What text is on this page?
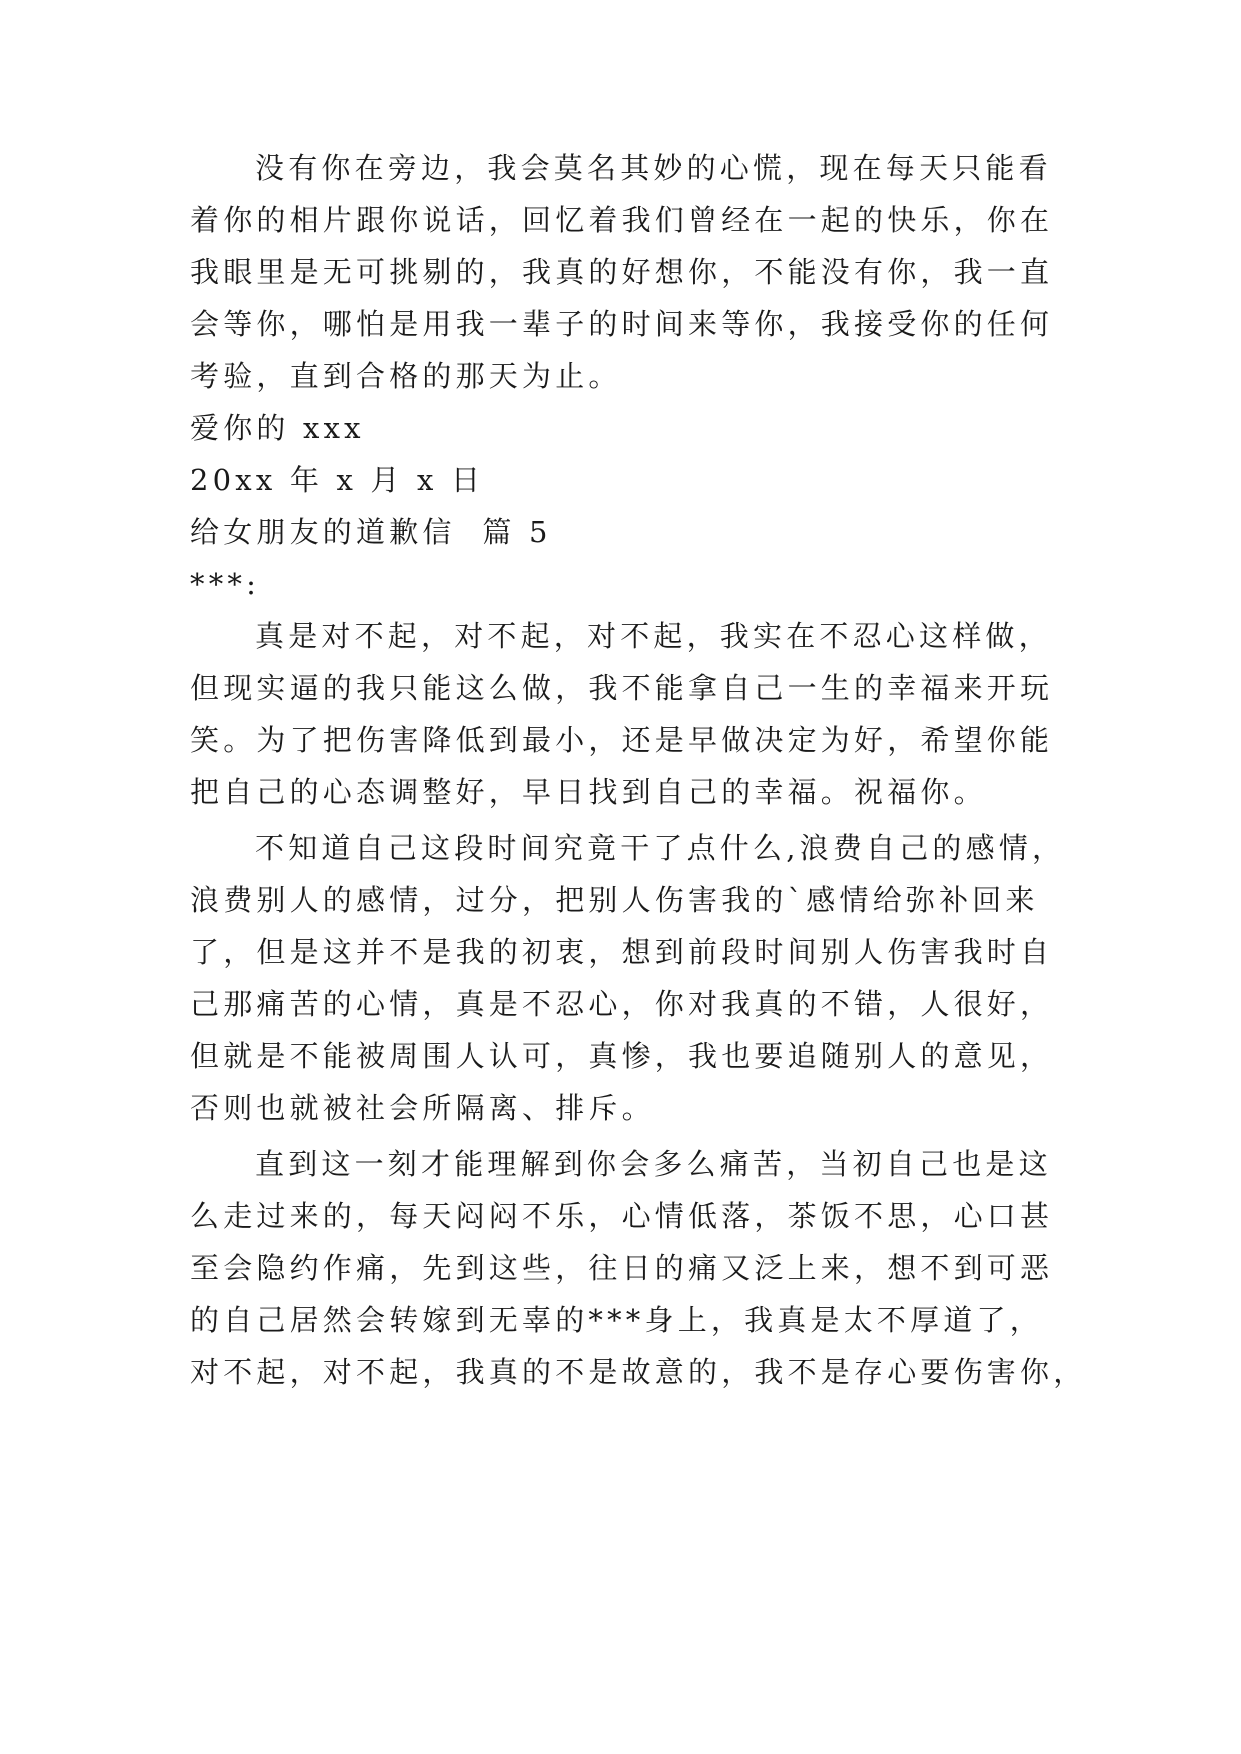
没有你在旁边，我会莫名其妙的心慌，现在每天只能看
着你的相片跟你说话，回忆着我们曾经在一起的快乐，你在
我眼里是无可挑剔的，我真的好想你，不能没有你，我一直
会等你，哪怕是用我一辈子的时间来等你，我接受你的任何
考验，直到合格的那天为止。
爱你的 xxx
20xx 年 x 月 x 日
给女朋友的道歉信  篇 5
***:
真是对不起，对不起，对不起，我实在不忍心这样做，
但现实逼的我只能这么做，我不能拿自己一生的幸福来开玩
笑。为了把伤害降低到最小，还是早做决定为好，希望你能
把自己的心态调整好，早日找到自己的幸福。祝福你。
不知道自己这段时间究竟干了点什么,浪费自己的感情，
浪费别人的感情，过分，把别人伤害我的`感情给弥补回来
了，但是这并不是我的初衷，想到前段时间别人伤害我时自
己那痛苦的心情，真是不忍心，你对我真的不错，人很好，
但就是不能被周围人认可，真惨，我也要追随别人的意见，
否则也就被社会所隔离、排斥。
直到这一刻才能理解到你会多么痛苦，当初自己也是这
么走过来的，每天闷闷不乐，心情低落，茶饭不思，心口甚
至会隐约作痛，先到这些，往日的痛又泛上来，想不到可恶
的自己居然会转嫁到无辜的***身上，我真是太不厚道了，
对不起，对不起，我真的不是故意的，我不是存心要伤害你，
